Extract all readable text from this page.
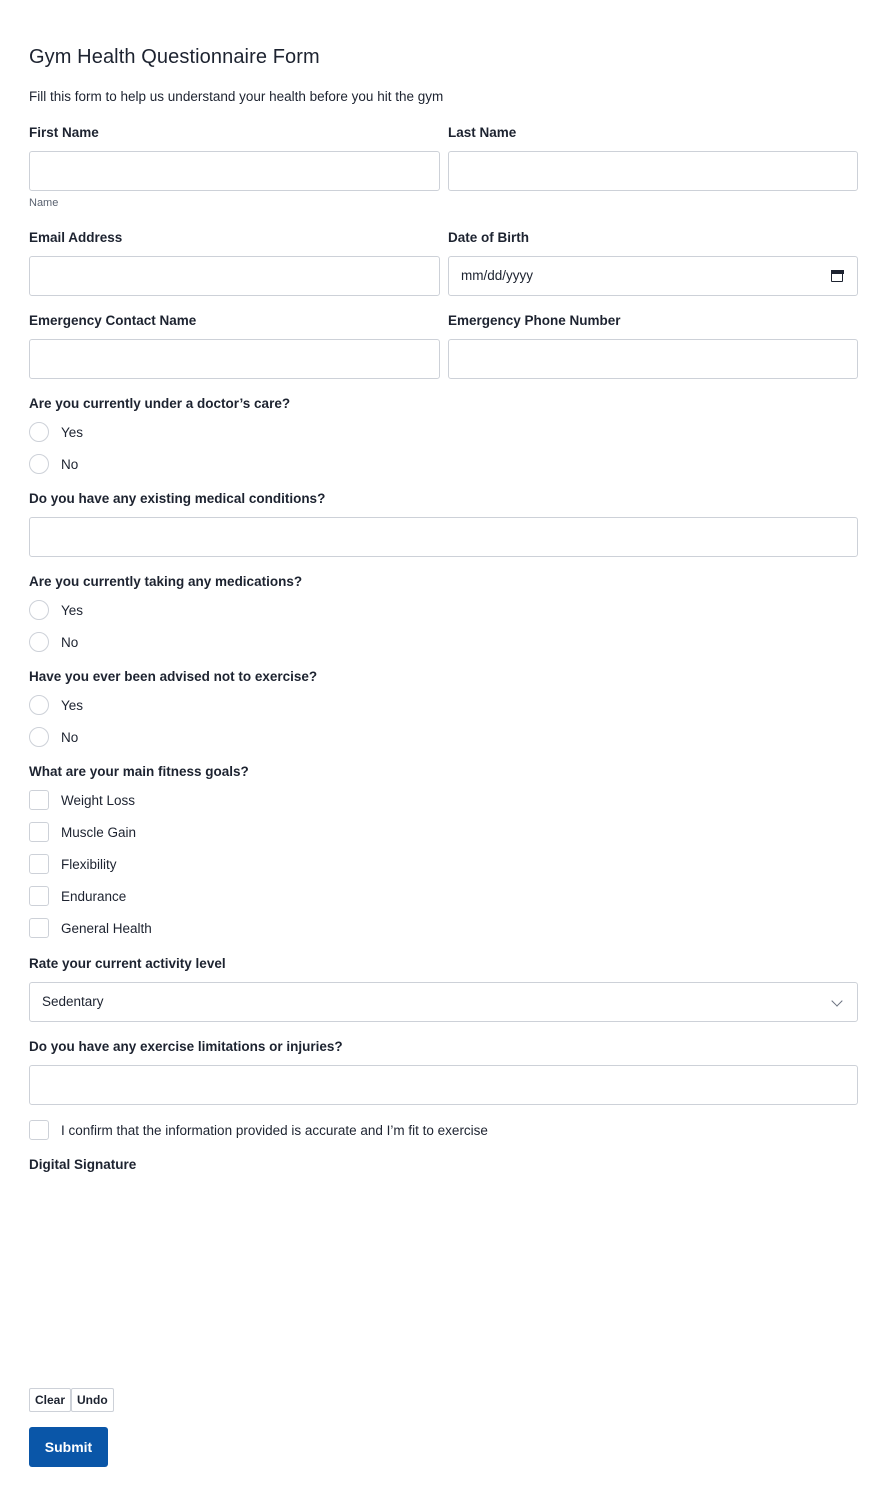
Gym Health Questionnaire Form
Fill this form to help us understand your health before you hit the gym
First Name
Name
Last Name
Email Address	Date of Birth
mm/dd/yyyy
Emergency Contact Name	Emergency Phone Number
Are you currently under a doctor’s care?
Yes
No
Do you have any existing medical conditions?
Are you currently taking any medications?
Yes
No
Have you ever been advised not to exercise?
Yes
No
What are your main fitness goals?
Weight Loss
Muscle Gain
Flexibility
Endurance
General Health
Rate your current activity level
Sedentary
Do you have any exercise limitations or injuries?
I confirm that the information provided is accurate and I’m fit to exercise
Digital Signature
Clear Undo
Submit
